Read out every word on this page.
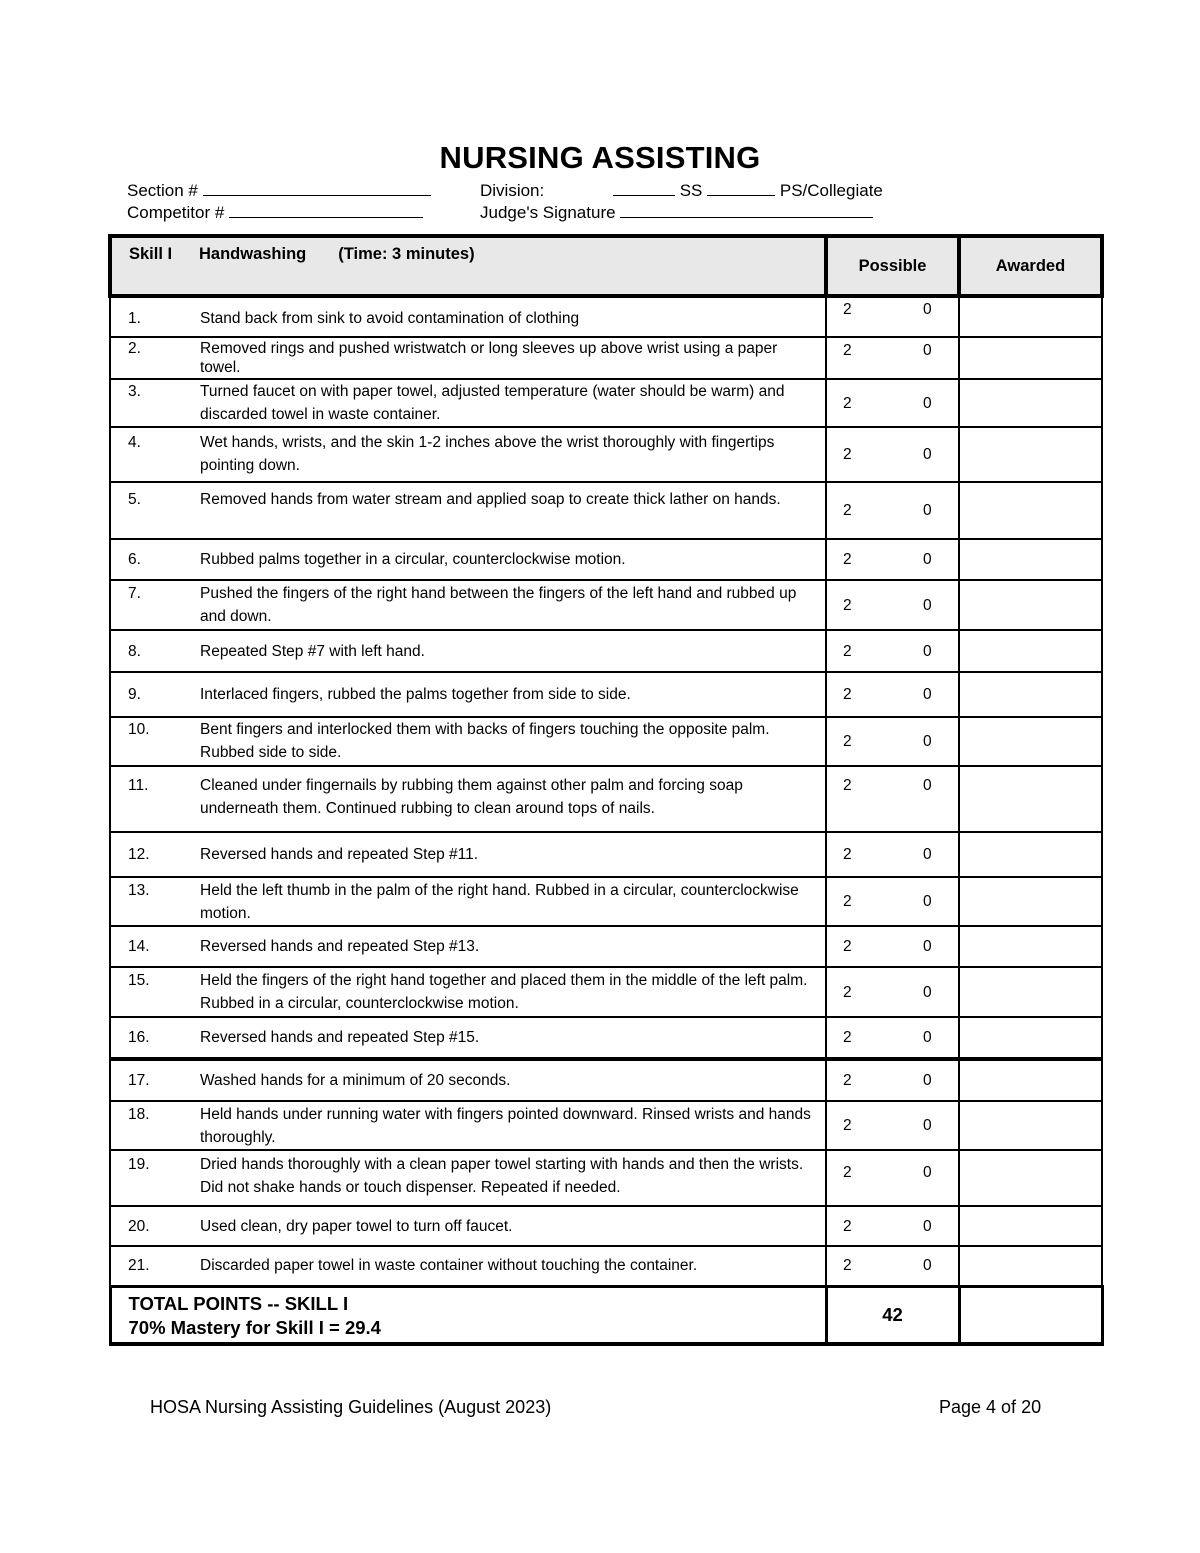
NURSING ASSISTING
Section #	Division:	SS	PS/Collegiate
Competitor #	Judge's Signature
Skill I Handwashing (Time: 3 minutes)	Possible	Awarded

1. Stand back from sink to avoid contamination of clothing	2 0	

2. Removed rings and pushed wristwatch or long sleeves up above wrist using a paper towel.	2 0	

3. Turned faucet on with paper towel, adjusted temperature (water should be warm) and discarded towel in waste container.	2 0	

4. Wet hands, wrists, and the skin 1-2 inches above the wrist thoroughly with fingertips pointing down.	2 0	

5. Removed hands from water stream and applied soap to create thick lather on hands.	2 0	

6. Rubbed palms together in a circular, counterclockwise motion.	2 0	

7. Pushed the fingers of the right hand between the fingers of the left hand and rubbed up and down.	2 0	

8. Repeated Step #7 with left hand.	2 0	

9. Interlaced fingers, rubbed the palms together from side to side.	2 0	

10. Bent fingers and interlocked them with backs of fingers touching the opposite palm. Rubbed side to side.	2 0	

11. Cleaned under fingernails by rubbing them against other palm and forcing soap underneath them. Continued rubbing to clean around tops of nails.	2 0	

12. Reversed hands and repeated Step #11.	2 0	

13. Held the left thumb in the palm of the right hand. Rubbed in a circular, counterclockwise motion.	2 0	

14. Reversed hands and repeated Step #13.	2 0	

15. Held the fingers of the right hand together and placed them in the middle of the left palm. Rubbed in a circular, counterclockwise motion.	2 0	

16. Reversed hands and repeated Step #15.	2 0	

17. Washed hands for a minimum of 20 seconds.	2 0	

18. Held hands under running water with fingers pointed downward. Rinsed wrists and hands thoroughly.	2 0	

19. Dried hands thoroughly with a clean paper towel starting with hands and then the wrists. Did not shake hands or touch dispenser. Repeated if needed.	2 0	

20. Used clean, dry paper towel to turn off faucet.	2 0	

21. Discarded paper towel in waste container without touching the container.	2 0	

TOTAL POINTS -- SKILL I
70% Mastery for Skill I = 29.4	42	
HOSA Nursing Assisting Guidelines (August 2023)	Page 4 of 20
